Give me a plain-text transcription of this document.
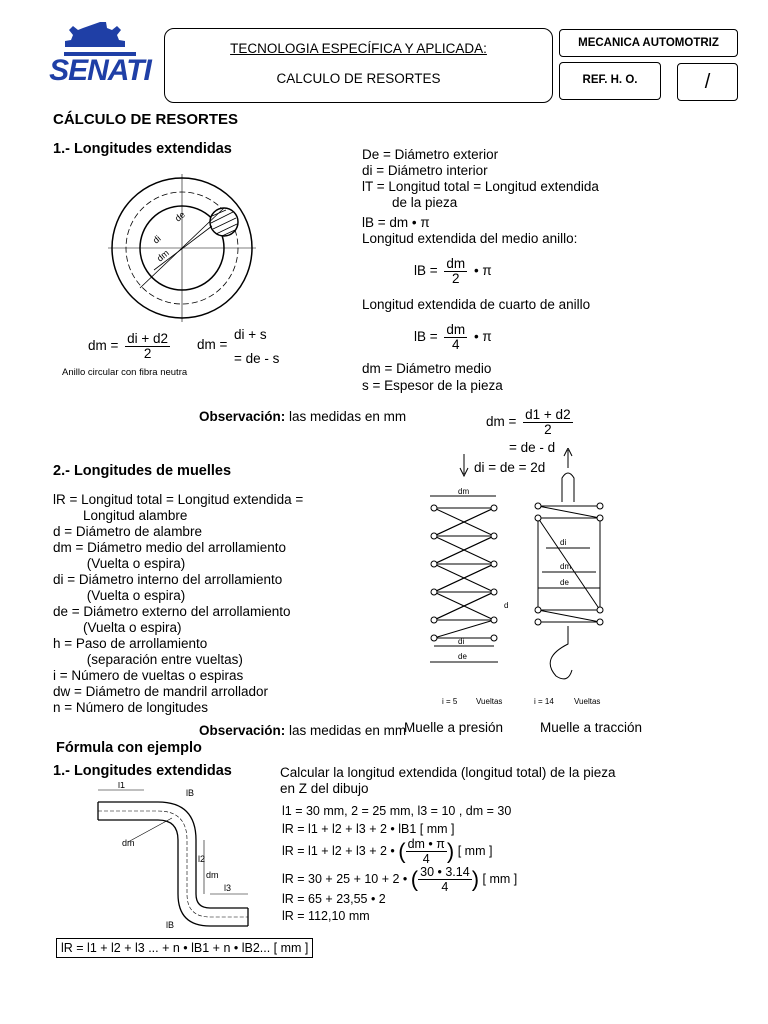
SENATI
TECNOLOGIA ESPECÍFICA Y APLICADA:
CALCULO DE RESORTES
MECANICA AUTOMOTRIZ
REF. H. O.	/
CÁLCULO DE RESORTES
1.- Longitudes extendidas
di
de
dm
dm = $\frac{di + d2}{2}$ dm =
di + s
= de - s
Anillo circular con fibra neutra
De = Diámetro exterior
di = Diámetro interior
lT = Longitud total = Longitud extendida
de la pieza
lB = dm • π
Longitud extendida del medio anillo:
lB = $\frac{dm}{2}$ • π
Longitud extendida de cuarto de anillo
lB = $\frac{dm}{4}$ • π
dm = Diámetro medio
s = Espesor de la pieza
Observación: las medidas en mm	dm = $\frac{d1 + d2}{2}$
= de - d
di = de = 2d
2.- Longitudes de muelles
lR = Longitud total = Longitud extendida =
Longitud alambre
d = Diámetro de alambre
dm = Diámetro medio del arrollamiento
(Vuelta o espira)
di = Diámetro interno del arrollamiento
(Vuelta o espira)
de = Diámetro externo del arrollamiento
(Vuelta o espira)
h = Paso de arrollamiento
(separación entre vueltas)
i = Número de vueltas o espiras
dw = Diámetro de mandril arrollador
n = Número de longitudes
Observación: las medidas en mm
dm
di
de
d
i = 5 Vueltas
di
dm
de
i = 14	Vueltas
Muelle a presión	Muelle a tracción
Fórmula con ejemplo
1.- Longitudes extendidas
l1
l2
l3
lB
lB
dm
dm
Calcular la longitud extendida (longitud total) de la pieza
en Z del dibujo
l1 = 30 mm, 2 = 25 mm, l3 = 10 , dm = 30
lR = l1 + l2 + l3 + 2 • lB1 [ mm ]
lR = l1 + l2 + l3 + 2 • ( $\frac{dm • \pi}{4}$ ) [ mm ]
lR = 30 + 25 + 10 + 2 • ( $\frac{30 • 3.14}{4}$ ) [ mm ]
lR = 65 + 23,55 • 2
lR = 112,10 mm
lR = l1 + l2 + l3 ... + n • lB1 + n • lB2... [ mm ]
